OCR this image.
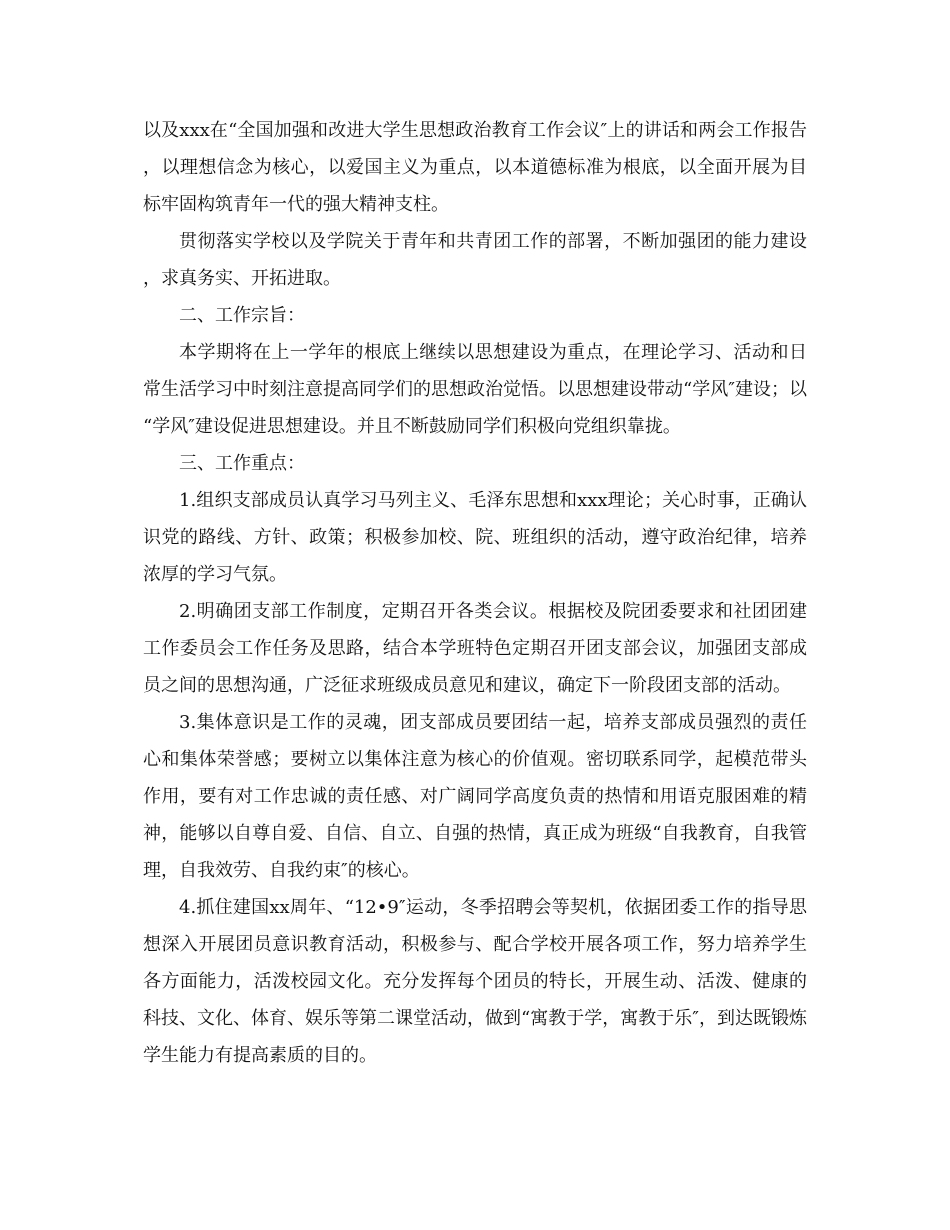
以及xxx在“全国加强和改进大学生思想政治教育工作会议″上的讲话和两会工作报告，以理想信念为核心，以爱国主义为重点，以本道德标准为根底，以全面开展为目标牢固构筑青年一代的强大精神支柱。

贯彻落实学校以及学院关于青年和共青团工作的部署，不断加强团的能力建设，求真务实、开拓进取。

二、工作宗旨：

本学期将在上一学年的根底上继续以思想建设为重点，在理论学习、活动和日常生活学习中时刻注意提高同学们的思想政治觉悟。以思想建设带动“学风″建设；以“学风″建设促进思想建设。并且不断鼓励同学们积极向党组织靠拢。

三、工作重点：

1.组织支部成员认真学习马列主义、毛泽东思想和xxx理论；关心时事，正确认识党的路线、方针、政策；积极参加校、院、班组织的活动，遵守政治纪律，培养浓厚的学习气氛。

2.明确团支部工作制度，定期召开各类会议。根据校及院团委要求和社团团建工作委员会工作任务及思路，结合本学班特色定期召开团支部会议，加强团支部成员之间的思想沟通，广泛征求班级成员意见和建议，确定下一阶段团支部的活动。

3.集体意识是工作的灵魂，团支部成员要团结一起，培养支部成员强烈的责任心和集体荣誉感；要树立以集体注意为核心的价值观。密切联系同学，起模范带头作用，要有对工作忠诚的责任感、对广阔同学高度负责的热情和用语克服困难的精神，能够以自尊自爱、自信、自立、自强的热情，真正成为班级“自我教育，自我管理，自我效劳、自我约束″的核心。

4.抓住建国xx周年、“12•9″运动，冬季招聘会等契机，依据团委工作的指导思想深入开展团员意识教育活动，积极参与、配合学校开展各项工作，努力培养学生各方面能力，活泼校园文化。充分发挥每个团员的特长，开展生动、活泼、健康的科技、文化、体育、娱乐等第二课堂活动，做到“寓教于学，寓教于乐″，到达既锻炼学生能力有提高素质的目的。
